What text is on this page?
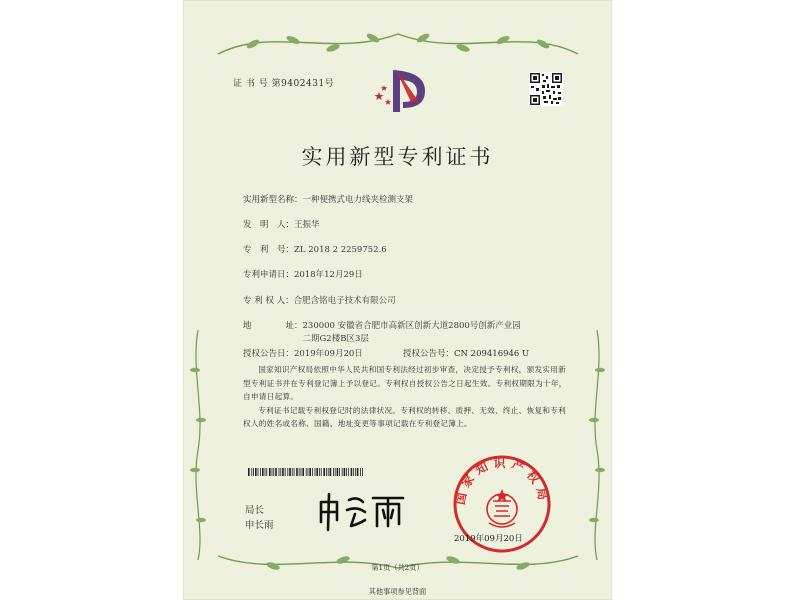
证 书 号 第9402431号
实用新型专利证书
实用新型名称：一种便携式电力线夹检测支架
发　明　人：王振华
专　利　号：ZL 2018 2 2259752.6
专利申请日：2018年12月29日
专 利 权 人：合肥含铭电子技术有限公司
地　　　　址：230000 安徽省合肥市高新区创新大道2800号创新产业园
二期G2楼B区3层
授权公告日：2019年09月20日	授权公告号：CN 209416946 U
国家知识产权局依照中华人民共和国专利法经过初步审查，决定授予专利权，颁发实用新型专利证书并在专利登记簿上予以登记。专利权自授权公告之日起生效。专利权期限为十年，自申请日起算。
专利证书记载专利权登记时的法律状况。专利权的转移、质押、无效、终止、恢复和专利权人的姓名或名称、国籍、地址变更等事项记载在专利登记簿上。
局长
申长雨
国家知识产权局
2019年09月20日
第1页（共2页）
其他事项参见背面
